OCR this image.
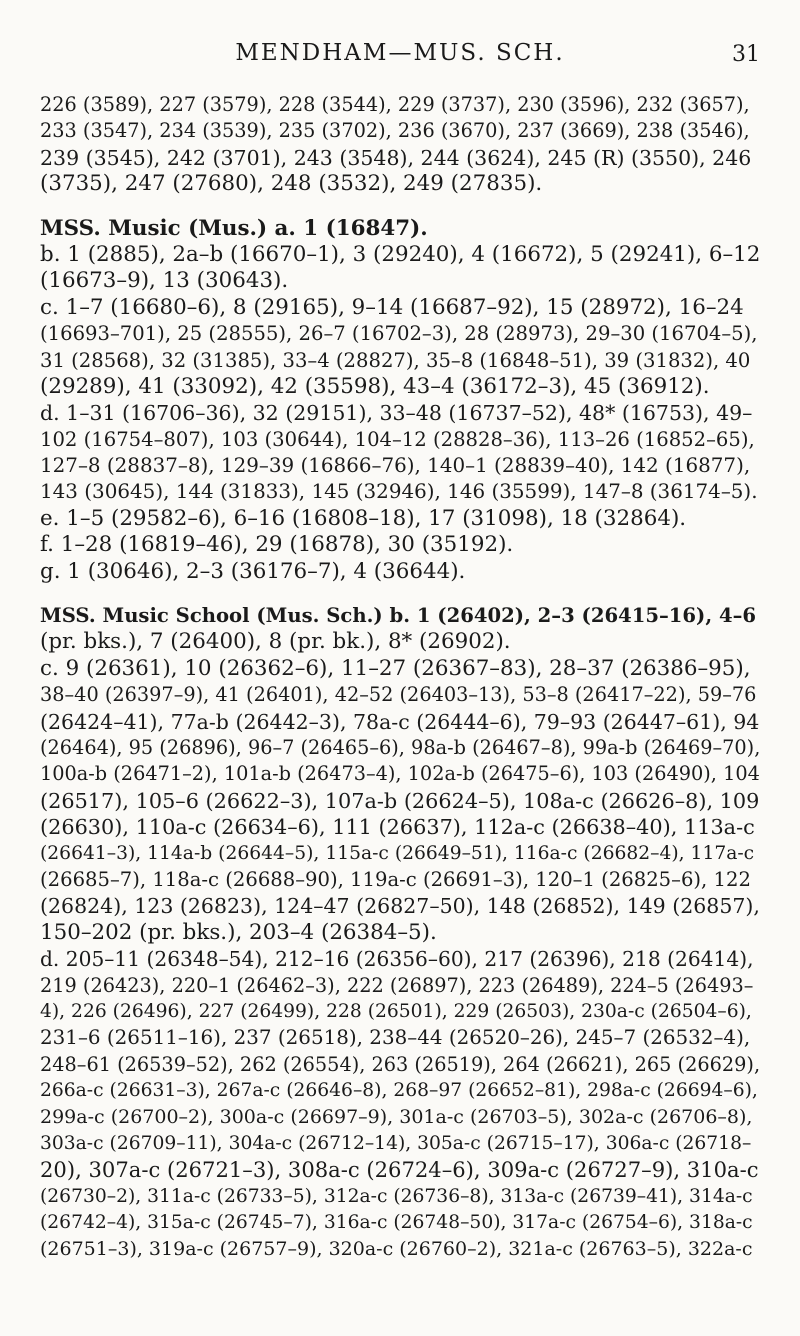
MENDHAM—MUS. SCH.	31
226 (3589), 227 (3579), 228 (3544), 229 (3737), 230 (3596), 232 (3657),
233 (3547), 234 (3539), 235 (3702), 236 (3670), 237 (3669), 238 (3546),
239 (3545), 242 (3701), 243 (3548), 244 (3624), 245 (R) (3550), 246
(3735), 247 (27680), 248 (3532), 249 (27835).
MSS. Music (Mus.) a. 1 (16847).
b. 1 (2885), 2a–b (16670–1), 3 (29240), 4 (16672), 5 (29241), 6–12
(16673–9), 13 (30643).
c. 1–7 (16680–6), 8 (29165), 9–14 (16687–92), 15 (28972), 16–24
(16693–701), 25 (28555), 26–7 (16702–3), 28 (28973), 29–30 (16704–5),
31 (28568), 32 (31385), 33–4 (28827), 35–8 (16848–51), 39 (31832), 40
(29289), 41 (33092), 42 (35598), 43–4 (36172–3), 45 (36912).
d. 1–31 (16706–36), 32 (29151), 33–48 (16737–52), 48* (16753), 49–
102 (16754–807), 103 (30644), 104–12 (28828–36), 113–26 (16852–65),
127–8 (28837–8), 129–39 (16866–76), 140–1 (28839–40), 142 (16877),
143 (30645), 144 (31833), 145 (32946), 146 (35599), 147–8 (36174–5).
e. 1–5 (29582–6), 6–16 (16808–18), 17 (31098), 18 (32864).
f. 1–28 (16819–46), 29 (16878), 30 (35192).
g. 1 (30646), 2–3 (36176–7), 4 (36644).
MSS. Music School (Mus. Sch.) b. 1 (26402), 2–3 (26415–16), 4–6
(pr. bks.), 7 (26400), 8 (pr. bk.), 8* (26902).
c. 9 (26361), 10 (26362–6), 11–27 (26367–83), 28–37 (26386–95),
38–40 (26397–9), 41 (26401), 42–52 (26403–13), 53–8 (26417–22), 59–76
(26424–41), 77a-b (26442–3), 78a-c (26444–6), 79–93 (26447–61), 94
(26464), 95 (26896), 96–7 (26465–6), 98a-b (26467–8), 99a-b (26469–70),
100a-b (26471–2), 101a-b (26473–4), 102a-b (26475–6), 103 (26490), 104
(26517), 105–6 (26622–3), 107a-b (26624–5), 108a-c (26626–8), 109
(26630), 110a-c (26634–6), 111 (26637), 112a-c (26638–40), 113a-c
(26641–3), 114a-b (26644–5), 115a-c (26649–51), 116a-c (26682–4), 117a-c
(26685–7), 118a-c (26688–90), 119a-c (26691–3), 120–1 (26825–6), 122
(26824), 123 (26823), 124–47 (26827–50), 148 (26852), 149 (26857),
150–202 (pr. bks.), 203–4 (26384–5).
d. 205–11 (26348–54), 212–16 (26356–60), 217 (26396), 218 (26414),
219 (26423), 220–1 (26462–3), 222 (26897), 223 (26489), 224–5 (26493–
4), 226 (26496), 227 (26499), 228 (26501), 229 (26503), 230a-c (26504–6),
231–6 (26511–16), 237 (26518), 238–44 (26520–26), 245–7 (26532–4),
248–61 (26539–52), 262 (26554), 263 (26519), 264 (26621), 265 (26629),
266a-c (26631–3), 267a-c (26646–8), 268–97 (26652–81), 298a-c (26694–6),
299a-c (26700–2), 300a-c (26697–9), 301a-c (26703–5), 302a-c (26706–8),
303a-c (26709–11), 304a-c (26712–14), 305a-c (26715–17), 306a-c (26718–
20), 307a-c (26721–3), 308a-c (26724–6), 309a-c (26727–9), 310a-c
(26730–2), 311a-c (26733–5), 312a-c (26736–8), 313a-c (26739–41), 314a-c
(26742–4), 315a-c (26745–7), 316a-c (26748–50), 317a-c (26754–6), 318a-c
(26751–3), 319a-c (26757–9), 320a-c (26760–2), 321a-c (26763–5), 322a-c
